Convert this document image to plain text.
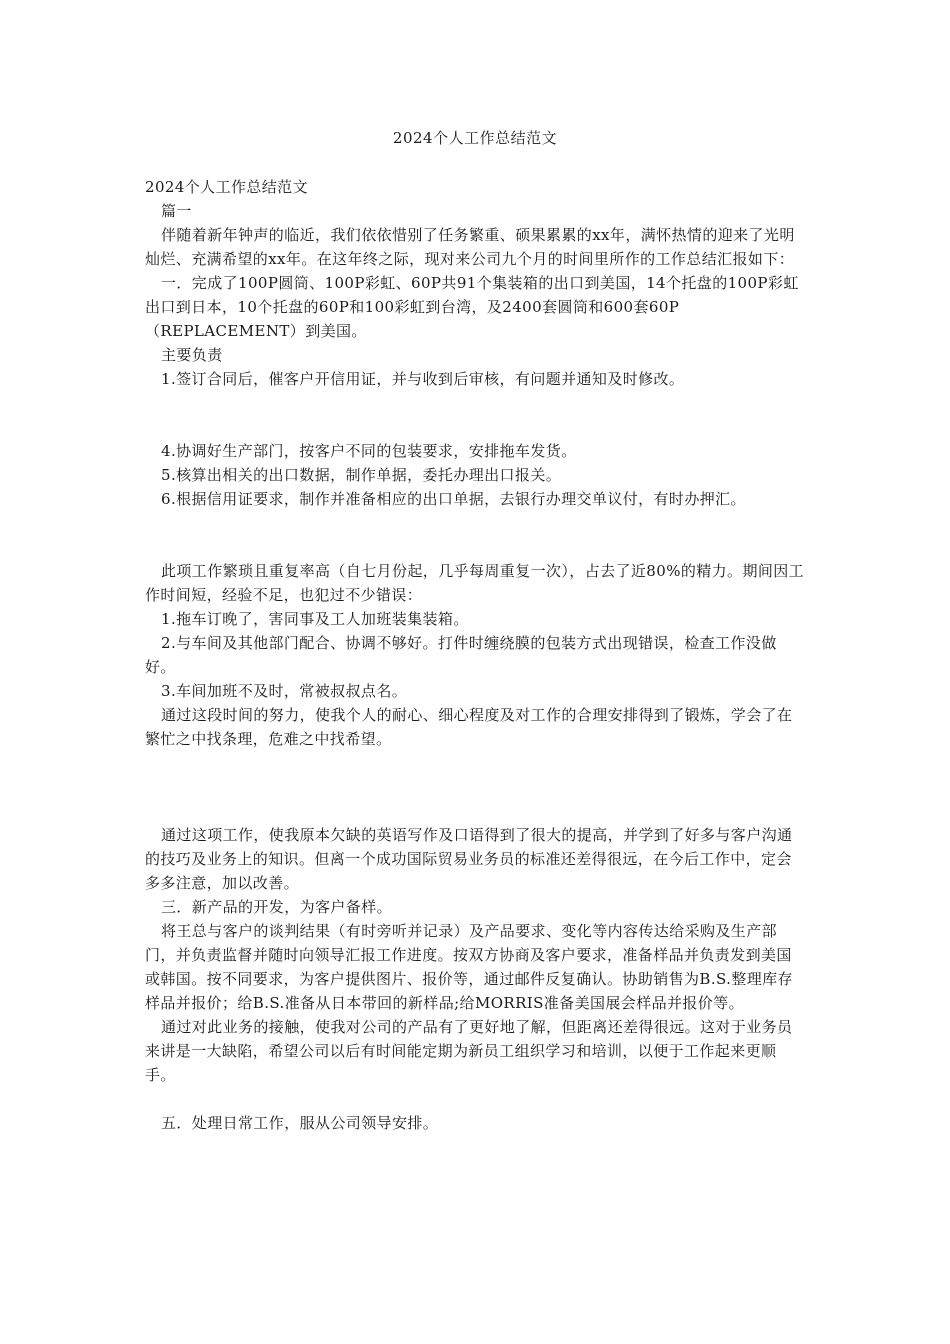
2024个人工作总结范文

2024个人工作总结范文

篇一

伴随着新年钟声的临近，我们依依惜别了任务繁重、硕果累累的xx年，满怀热情的迎来了光明灿烂、充满希望的xx年。在这年终之际，现对来公司九个月的时间里所作的工作总结汇报如下：

一．完成了100P圆筒、100P彩虹、60P共91个集装箱的出口到美国，14个托盘的100P彩虹出口到日本，10个托盘的60P和100彩虹到台湾，及2400套圆筒和600套60P（REPLACEMENT）到美国。

主要负责

1.签订合同后，催客户开信用证，并与收到后审核，有问题并通知及时修改。

4.协调好生产部门，按客户不同的包装要求，安排拖车发货。

5.核算出相关的出口数据，制作单据，委托办理出口报关。

6.根据信用证要求，制作并准备相应的出口单据，去银行办理交单议付，有时办押汇。

此项工作繁琐且重复率高（自七月份起，几乎每周重复一次），占去了近80%的精力。期间因工作时间短，经验不足，也犯过不少错误：

1.拖车订晚了，害同事及工人加班装集装箱。

2.与车间及其他部门配合、协调不够好。打件时缠绕膜的包装方式出现错误，检查工作没做好。

3.车间加班不及时，常被叔叔点名。

通过这段时间的努力，使我个人的耐心、细心程度及对工作的合理安排得到了锻炼，学会了在繁忙之中找条理，危难之中找希望。

通过这项工作，使我原本欠缺的英语写作及口语得到了很大的提高，并学到了好多与客户沟通的技巧及业务上的知识。但离一个成功国际贸易业务员的标准还差得很远，在今后工作中，定会多多注意，加以改善。

三．新产品的开发，为客户备样。

将王总与客户的谈判结果（有时旁听并记录）及产品要求、变化等内容传达给采购及生产部门，并负责监督并随时向领导汇报工作进度。按双方协商及客户要求，准备样品并负责发到美国或韩国。按不同要求，为客户提供图片、报价等，通过邮件反复确认。协助销售为B.S.整理库存样品并报价；给B.S.准备从日本带回的新样品;给MORRIS准备美国展会样品并报价等。

通过对此业务的接触，使我对公司的产品有了更好地了解，但距离还差得很远。这对于业务员来讲是一大缺陷，希望公司以后有时间能定期为新员工组织学习和培训，以便于工作起来更顺手。

五．处理日常工作，服从公司领导安排。
